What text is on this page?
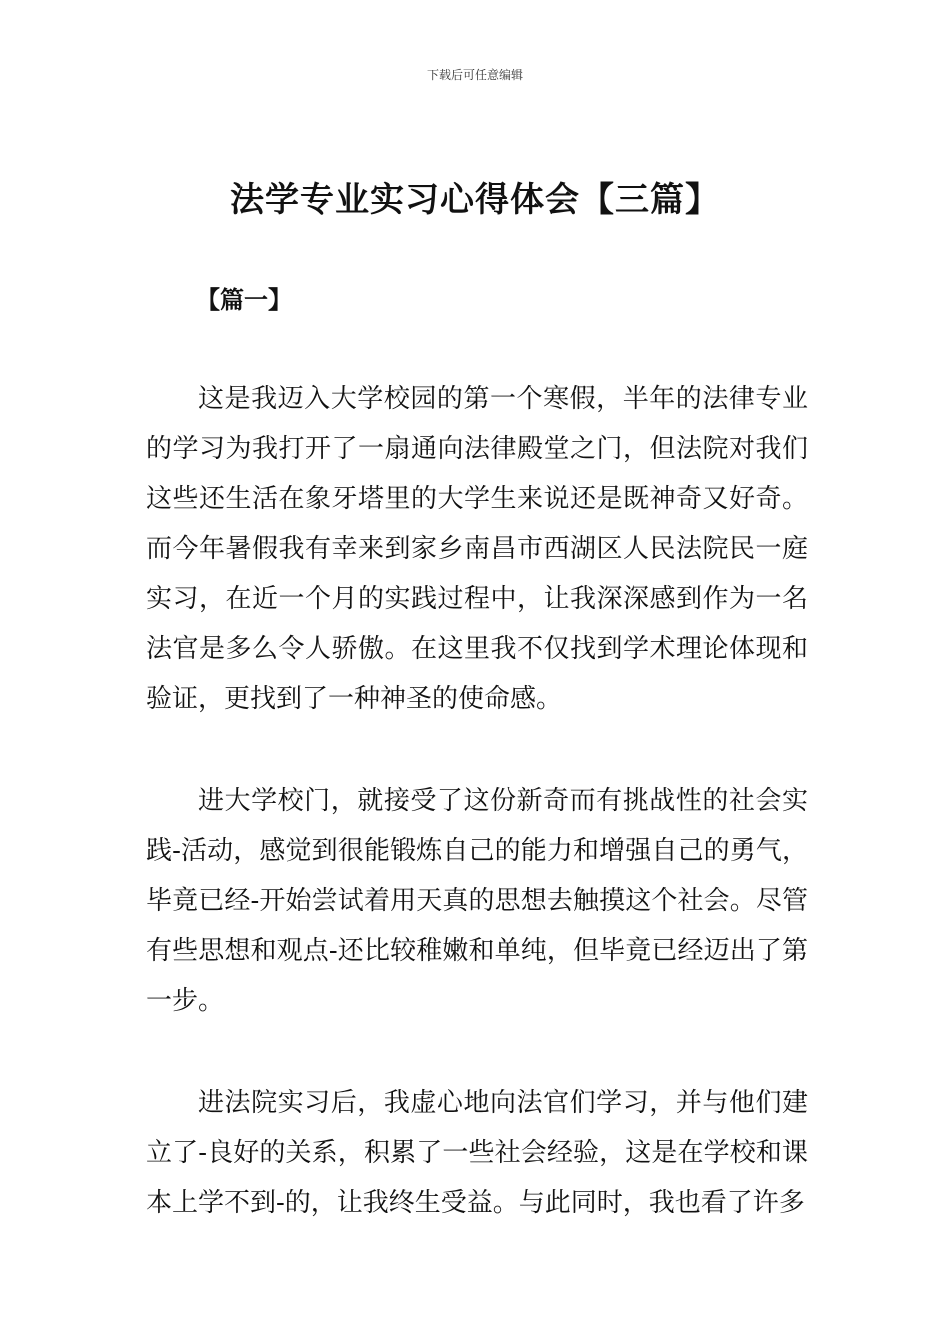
下载后可任意编辑
法学专业实习心得体会【三篇】
【篇一】

这是我迈入大学校园的第一个寒假，半年的法律专业的学习为我打开了一扇通向法律殿堂之门，但法院对我们这些还生活在象牙塔里的大学生来说还是既神奇又好奇。而今年暑假我有幸来到家乡南昌市西湖区人民法院民一庭实习，在近一个月的实践过程中，让我深深感到作为一名法官是多么令人骄傲。在这里我不仅找到学术理论体现和验证，更找到了一种神圣的使命感。

进大学校门，就接受了这份新奇而有挑战性的社会实践-活动，感觉到很能锻炼自己的能力和增强自己的勇气，毕竟已经-开始尝试着用天真的思想去触摸这个社会。尽管有些思想和观点-还比较稚嫩和单纯，但毕竟已经迈出了第一步。

进法院实习后，我虚心地向法官们学习，并与他们建立了-良好的关系，积累了一些社会经验，这是在学校和课本上学不到-的，让我终生受益。与此同时，我也看了许多
